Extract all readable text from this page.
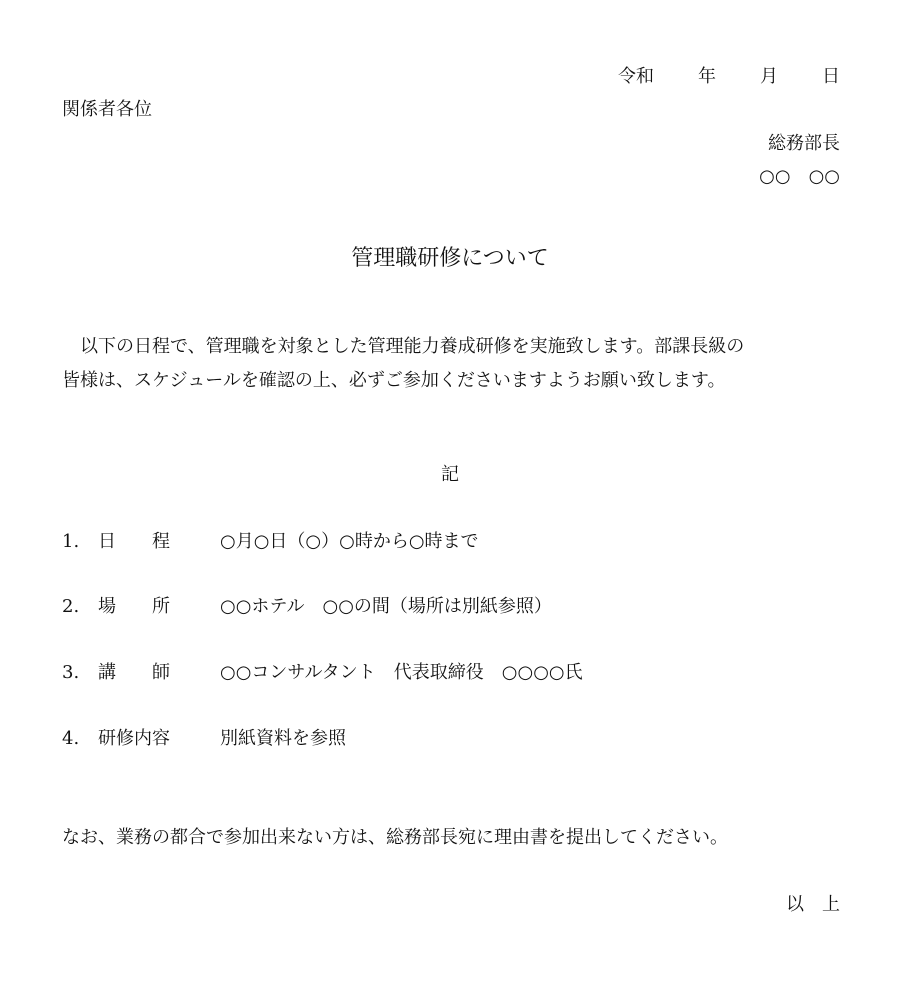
令和 年 月 日
関係者各位
総務部長
○○　○○
管理職研修について

以下の日程で、管理職を対象とした管理能力養成研修を実施致します。部課長級の
皆様は、スケジュールを確認の上、必ずご参加くださいますようお願い致します。

記
1. 日　　程	○月○日（○）○時から○時まで
2. 場　　所	○○ホテル　○○の間（場所は別紙参照）
3. 講　　師	○○コンサルタント　代表取締役　○○○○氏
4. 研修内容	別紙資料を参照
なお、業務の都合で参加出来ない方は、総務部長宛に理由書を提出してください。
以　上
